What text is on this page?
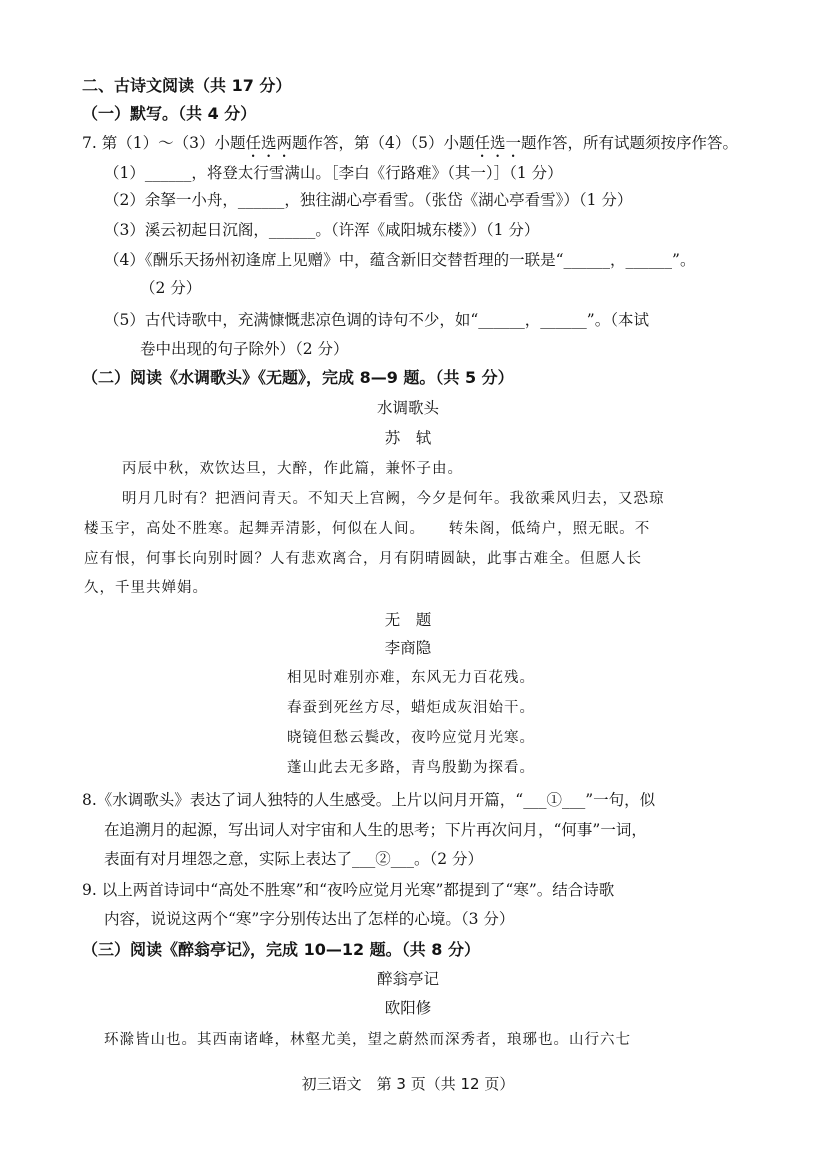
二、古诗文阅读（共 17 分）
（一）默写。（共 4 分）
7. 第（1）～（3）小题任选两题作答，第（4）（5）小题任选一题作答，所有试题须按序作答。
（1）______，将登太行雪满山。［李白《行路难》（其一）］（1 分）
（2）余拏一小舟，______，独往湖心亭看雪。（张岱《湖心亭看雪》）（1 分）
（3）溪云初起日沉阁，______。（许浑《咸阳城东楼》）（1 分）
（4）《酬乐天扬州初逢席上见赠》中，蕴含新旧交替哲理的一联是“______，______”。
（2 分）
（5）古代诗歌中，充满慷慨悲凉色调的诗句不少，如“______，______”。（本试
卷中出现的句子除外）（2 分）
（二）阅读《水调歌头》《无题》，完成 8—9 题。（共 5 分）
水调歌头
苏　轼
丙辰中秋，欢饮达旦，大醉，作此篇，兼怀子由。
明月几时有？把酒问青天。不知天上宫阙，今夕是何年。我欲乘风归去，又恐琼
楼玉宇，高处不胜寒。起舞弄清影，何似在人间。　　转朱阁，低绮户，照无眠。不
应有恨，何事长向别时圆？人有悲欢离合，月有阴晴圆缺，此事古难全。但愿人长
久，千里共婵娟。
无　题
李商隐
相见时难别亦难，东风无力百花残。
春蚕到死丝方尽，蜡炬成灰泪始干。
晓镜但愁云鬓改，夜吟应觉月光寒。
蓬山此去无多路，青鸟殷勤为探看。
8.《水调歌头》表达了词人独特的人生感受。上片以问月开篇，“___①___”一句，似
在追溯月的起源，写出词人对宇宙和人生的思考；下片再次问月，“何事”一词，
表面有对月埋怨之意，实际上表达了___②___。（2 分）
9. 以上两首诗词中“高处不胜寒”和“夜吟应觉月光寒”都提到了“寒”。结合诗歌
内容，说说这两个“寒”字分别传达出了怎样的心境。（3 分）
（三）阅读《醉翁亭记》，完成 10—12 题。（共 8 分）
醉翁亭记
欧阳修
环滁皆山也。其西南诸峰，林壑尤美，望之蔚然而深秀者，琅琊也。山行六七
初三语文　第 3 页（共 12 页）
